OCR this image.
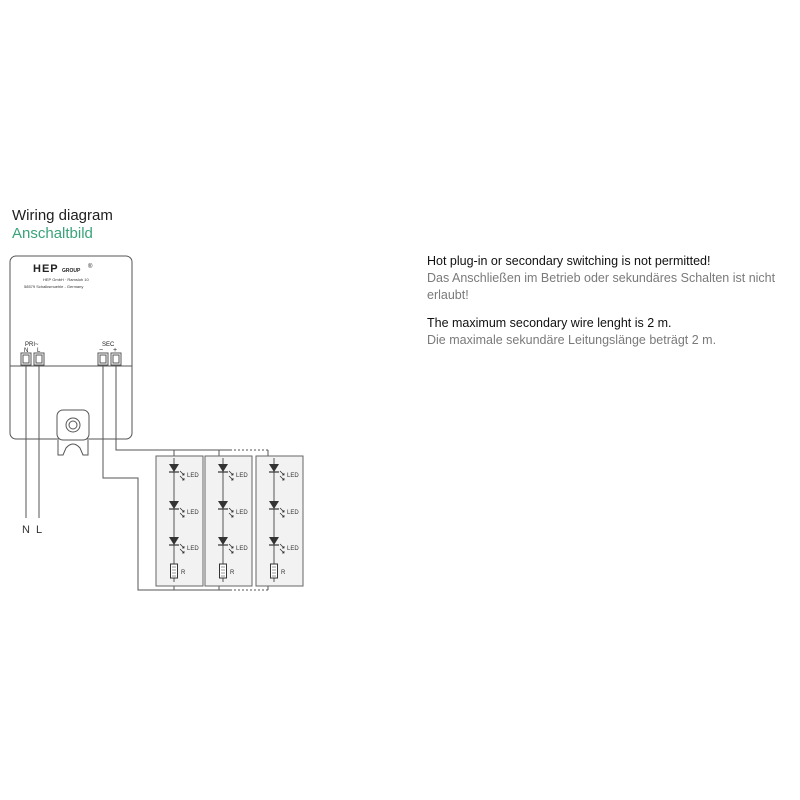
Wiring diagram
Anschaltbild
HEP GROUP
®
HEP GmbH · Ramsloh 10
58579 Schalksmuehle - Germany
PRI~
N L
SEC
− +
N L
LED
LED
LED
R
LED
LED
LED
R
LED
LED
LED
R
Hot plug-in or secondary switching is not permitted!
Das Anschließen im Betrieb oder sekundäres Schalten ist nicht erlaubt!
The maximum secondary wire lenght is 2 m.
Die maximale sekundäre Leitungslänge beträgt 2 m.
